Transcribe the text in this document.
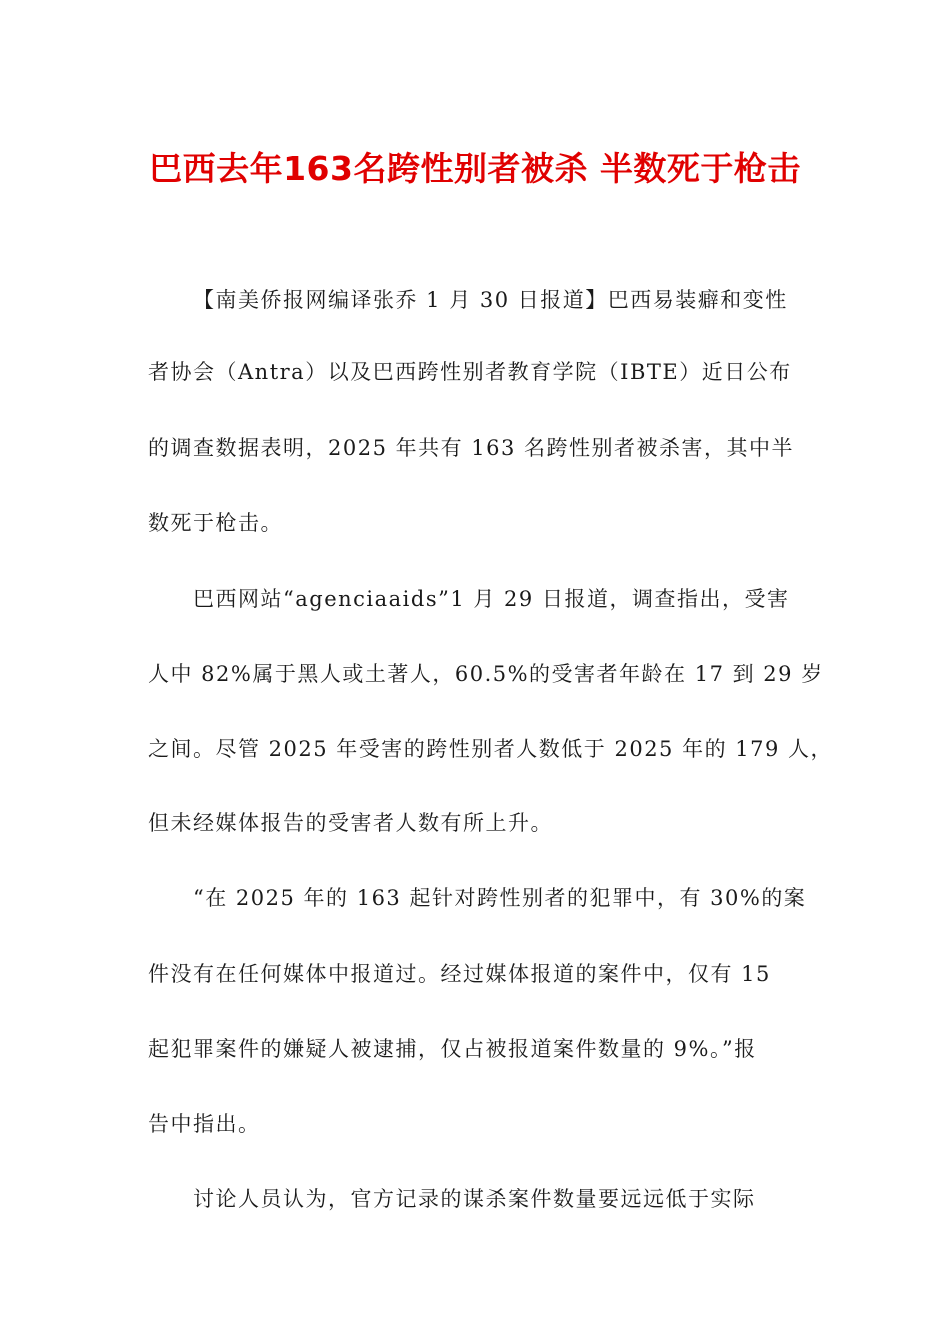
巴西去年163名跨性别者被杀 半数死于枪击
【南美侨报网编译张乔 1 月 30 日报道】巴西易装癖和变性
者协会（Antra）以及巴西跨性别者教育学院（IBTE）近日公布
的调查数据表明，2025 年共有 163 名跨性别者被杀害，其中半
数死于枪击。
巴西网站“agenciaaids”1 月 29 日报道，调查指出，受害
人中 82%属于黑人或土著人，60.5%的受害者年龄在 17 到 29 岁
之间。尽管 2025 年受害的跨性别者人数低于 2025 年的 179 人，
但未经媒体报告的受害者人数有所上升。
“在 2025 年的 163 起针对跨性别者的犯罪中，有 30%的案
件没有在任何媒体中报道过。经过媒体报道的案件中，仅有 15
起犯罪案件的嫌疑人被逮捕，仅占被报道案件数量的 9%。”报
告中指出。
讨论人员认为，官方记录的谋杀案件数量要远远低于实际
